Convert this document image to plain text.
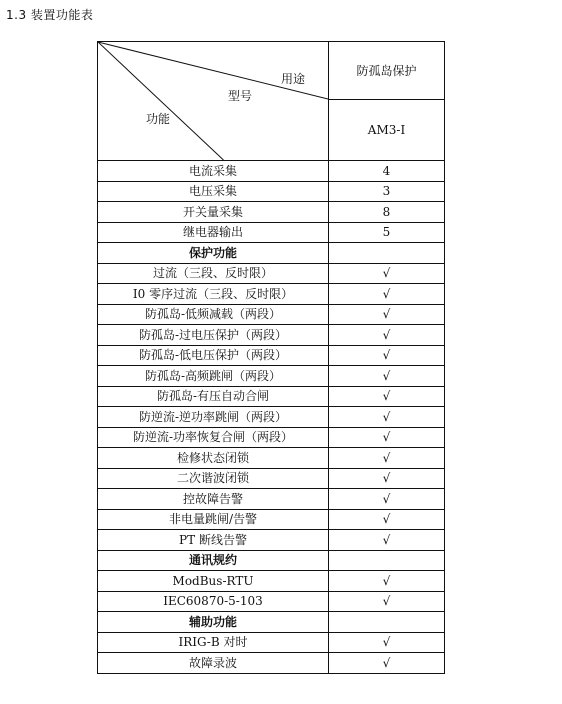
1.3 装置功能表
用途
型号
功能	防孤岛保护
	AM3-I
电流采集	4
电压采集	3
开关量采集	8
继电器输出	5
保护功能	
过流（三段、反时限）	√
I0 零序过流（三段、反时限）	√
防孤岛-低频减载（两段）	√
防孤岛-过电压保护（两段）	√
防孤岛-低电压保护（两段）	√
防孤岛-高频跳闸（两段）	√
防孤岛-有压自动合闸	√
防逆流-逆功率跳闸（两段）	√
防逆流-功率恢复合闸（两段）	√
检修状态闭锁	√
二次谐波闭锁	√
控故障告警	√
非电量跳闸/告警	√
PT 断线告警	√
通讯规约	
ModBus-RTU	√
IEC60870-5-103	√
辅助功能	
IRIG-B 对时	√
故障录波	√
